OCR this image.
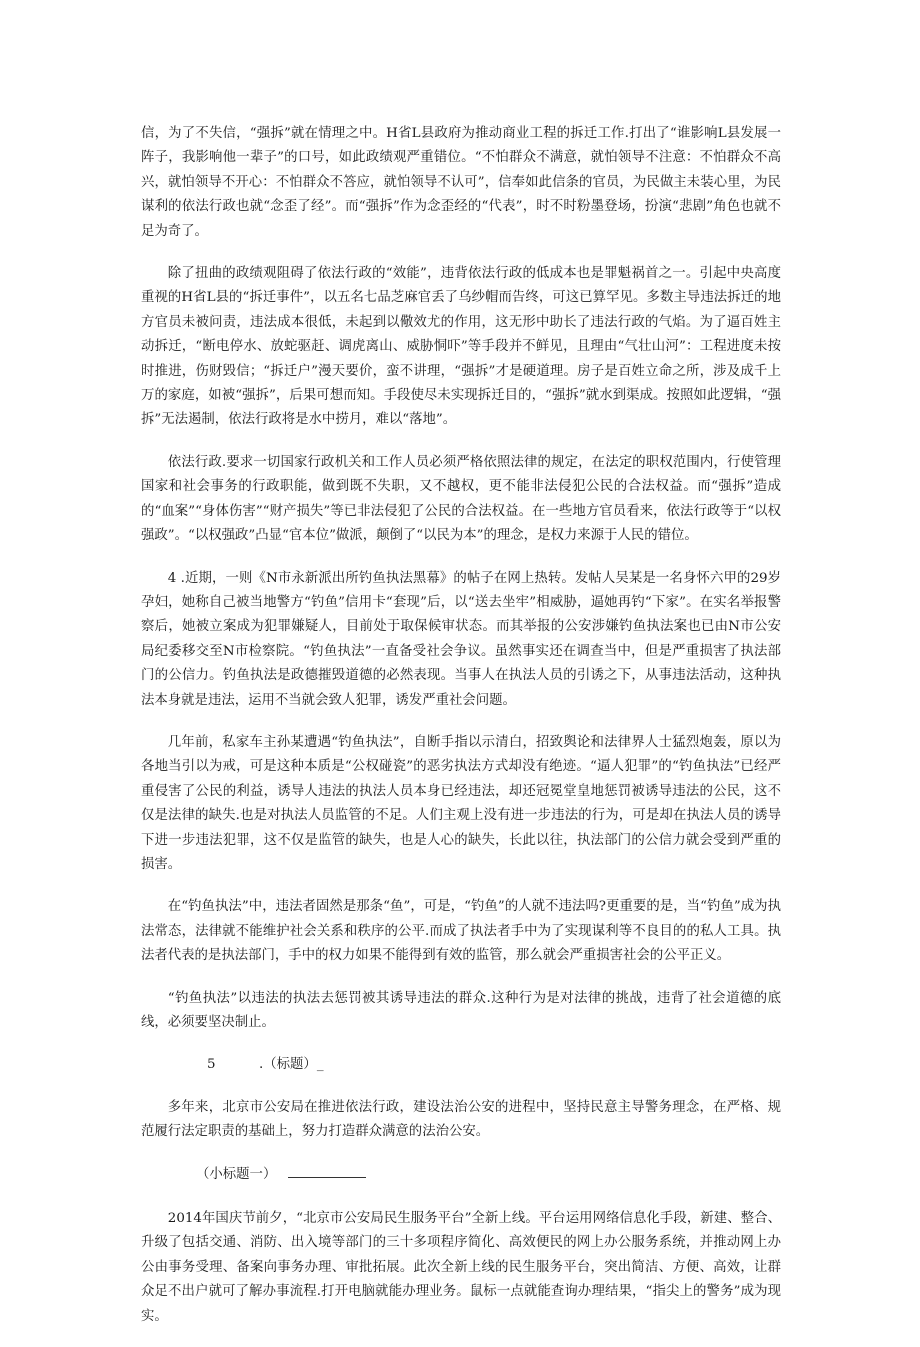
信，为了不失信，“强拆”就在情理之中。H省L县政府为推动商业工程的拆迁工作.打出了“谁影响L县发展一阵子，我影响他一辈子”的口号，如此政绩观严重错位。“不怕群众不满意，就怕领导不注意：不怕群众不高兴，就怕领导不开心：不怕群众不答应，就怕领导不认可”，信奉如此信条的官员，为民做主未装心里，为民谋利的依法行政也就“念歪了经”。而“强拆”作为念歪经的“代表”，时不时粉墨登场，扮演“悲剧”角色也就不足为奇了。

除了扭曲的政绩观阻碍了依法行政的“效能”，违背依法行政的低成本也是罪魁祸首之一。引起中央高度重视的H省L县的“拆迁事件”，以五名七品芝麻官丢了乌纱帽而告终，可这已算罕见。多数主导违法拆迁的地方官员未被问责，违法成本很低，未起到以儆效尤的作用，这无形中助长了违法行政的气焰。为了逼百姓主动拆迁，“断电停水、放蛇驱赶、调虎离山、威胁恫吓”等手段并不鲜见，且理由“气壮山河”：工程进度未按时推进，伤财毁信；“拆迁户”漫天要价，蛮不讲理，“强拆”才是硬道理。房子是百姓立命之所，涉及成千上万的家庭，如被“强拆”，后果可想而知。手段使尽未实现拆迁目的，“强拆”就水到渠成。按照如此逻辑，“强拆”无法遏制，依法行政将是水中捞月，难以“落地”。

依法行政.要求一切国家行政机关和工作人员必须严格依照法律的规定，在法定的职权范围内，行使管理国家和社会事务的行政职能，做到既不失职，又不越权，更不能非法侵犯公民的合法权益。而“强拆”造成的“血案”“身体伤害”“财产损失”等已非法侵犯了公民的合法权益。在一些地方官员看来，依法行政等于“以权强政”。“以权强政”凸显“官本位”做派，颠倒了“以民为本”的理念，是权力来源于人民的错位。

4 .近期，一则《N市永新派出所钓鱼执法黑幕》的帖子在网上热转。发帖人吴某是一名身怀六甲的29岁孕妇，她称自己被当地警方“钓鱼”信用卡“套现”后，以“送去坐牢”相威胁，逼她再钓“下家”。在实名举报警察后，她被立案成为犯罪嫌疑人，目前处于取保候审状态。而其举报的公安涉嫌钓鱼执法案也已由N市公安局纪委移交至N市检察院。“钓鱼执法”一直备受社会争议。虽然事实还在调查当中，但是严重损害了执法部门的公信力。钓鱼执法是政德摧毁道德的必然表现。当事人在执法人员的引诱之下，从事违法活动，这种执法本身就是违法，运用不当就会致人犯罪，诱发严重社会问题。

几年前，私家车主孙某遭遇“钓鱼执法”，自断手指以示清白，招致舆论和法律界人士猛烈炮轰，原以为各地当引以为戒，可是这种本质是“公权碰瓷”的恶劣执法方式却没有绝迹。“逼人犯罪”的“钓鱼执法”已经严重侵害了公民的利益，诱导人违法的执法人员本身已经违法，却还冠冕堂皇地惩罚被诱导违法的公民，这不仅是法律的缺失.也是对执法人员监管的不足。人们主观上没有进一步违法的行为，可是却在执法人员的诱导下进一步违法犯罪，这不仅是监管的缺失，也是人心的缺失，长此以往，执法部门的公信力就会受到严重的损害。

在“钓鱼执法”中，违法者固然是那条“鱼”，可是，“钓鱼”的人就不违法吗?更重要的是，当“钓鱼”成为执法常态，法律就不能维护社会关系和秩序的公平.而成了执法者手中为了实现谋利等不良目的的私人工具。执法者代表的是执法部门，手中的权力如果不能得到有效的监管，那么就会严重损害社会的公平正义。

“钓鱼执法”以违法的执法去惩罚被其诱导违法的群众.这种行为是对法律的挑战，违背了社会道德的底线，必须要坚决制止。

5	.（标题）_

多年来，北京市公安局在推进依法行政，建设法治公安的进程中，坚持民意主导警务理念，在严格、规范履行法定职责的基础上，努力打造群众满意的法治公安。

（小标题一）

2014年国庆节前夕，“北京市公安局民生服务平台”全新上线。平台运用网络信息化手段，新建、整合、升级了包括交通、消防、出入境等部门的三十多项程序简化、高效便民的网上办公服务系统，并推动网上办公由事务受理、备案向事务办理、审批拓展。此次全新上线的民生服务平台，突出简洁、方便、高效，让群众足不出户就可了解办事流程.打开电脑就能办理业务。鼠标一点就能查询办理结果，“指尖上的警务”成为现实。
